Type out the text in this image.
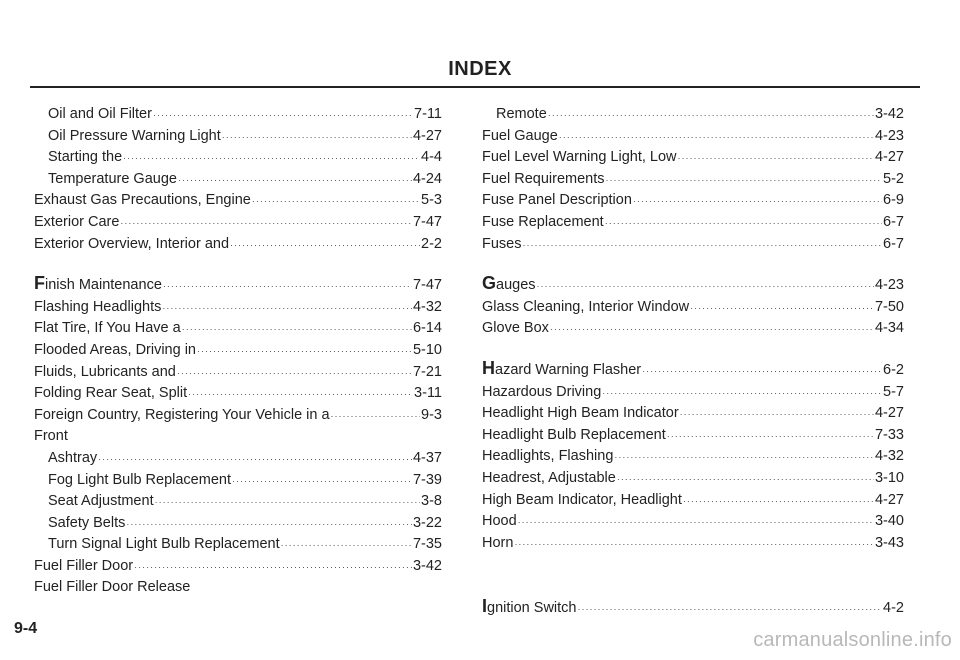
INDEX
Oil and Oil Filter ·····	7-11
Oil Pressure Warning Light ·····	4-27
Starting the ·····	4-4
Temperature Gauge ·····	4-24
Exhaust Gas Precautions, Engine ·····	5-3
Exterior Care ·····	7-47
Exterior Overview, Interior and ·····	2-2
Finish Maintenance ·····	7-47
Flashing Headlights ·····	4-32
Flat Tire, If You Have a ·····	6-14
Flooded Areas, Driving in ·····	5-10
Fluids, Lubricants and ·····	7-21
Folding Rear Seat, Split ·····	3-11
Foreign Country, Registering Your Vehicle in a ·····	9-3
Front
Ashtray ·····	4-37
Fog Light Bulb Replacement ·····	7-39
Seat Adjustment ·····	3-8
Safety Belts ·····	3-22
Turn Signal Light Bulb Replacement ·····	7-35
Fuel Filler Door ·····	3-42
Fuel Filler Door Release
Remote ·····	3-42
Fuel Gauge ·····	4-23
Fuel Level Warning Light, Low ·····	4-27
Fuel Requirements ·····	5-2
Fuse Panel Description ·····	6-9
Fuse Replacement ·····	6-7
Fuses ·····	6-7
Gauges ·····	4-23
Glass Cleaning, Interior Window ·····	7-50
Glove Box ·····	4-34
Hazard Warning Flasher ·····	6-2
Hazardous Driving ·····	5-7
Headlight High Beam Indicator ·····	4-27
Headlight Bulb Replacement ·····	7-33
Headlights, Flashing ·····	4-32
Headrest, Adjustable ·····	3-10
High Beam Indicator, Headlight ·····	4-27
Hood ·····	3-40
Horn ·····	3-43
Ignition Switch ·····	4-2
9-4
carmanualsonline.info
